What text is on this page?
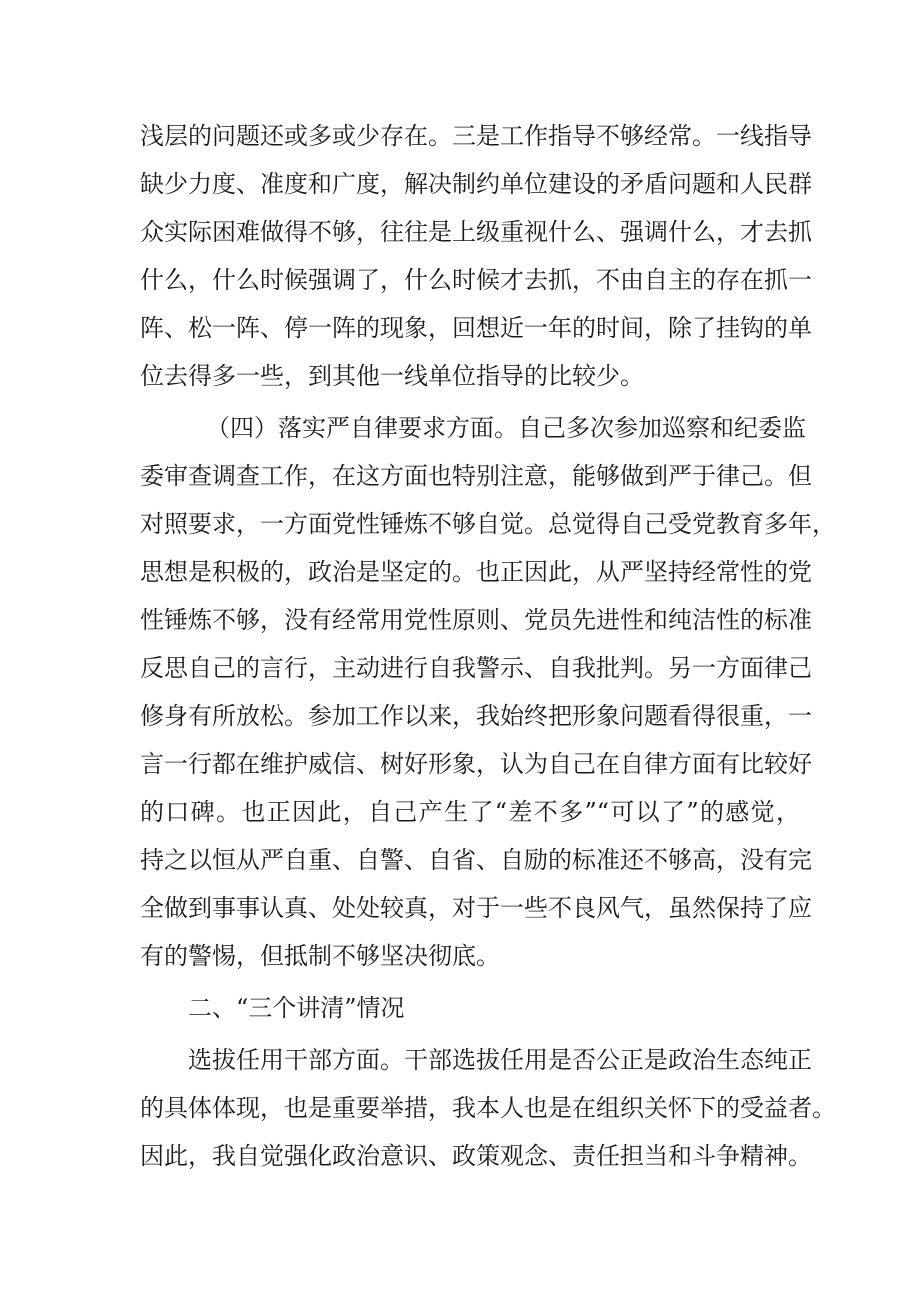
浅层的问题还或多或少存在。三是工作指导不够经常。一线指导

缺少力度、准度和广度，解决制约单位建设的矛盾问题和人民群

众实际困难做得不够，往往是上级重视什么、强调什么，才去抓

什么，什么时候强调了，什么时候才去抓，不由自主的存在抓一

阵、松一阵、停一阵的现象，回想近一年的时间，除了挂钩的单

位去得多一些，到其他一线单位指导的比较少。

（四）落实严自律要求方面。自己多次参加巡察和纪委监

委审查调查工作，在这方面也特别注意，能够做到严于律己。但

对照要求，一方面党性锤炼不够自觉。总觉得自己受党教育多年，

思想是积极的，政治是坚定的。也正因此，从严坚持经常性的党

性锤炼不够，没有经常用党性原则、党员先进性和纯洁性的标准

反思自己的言行，主动进行自我警示、自我批判。另一方面律己

修身有所放松。参加工作以来，我始终把形象问题看得很重，一

言一行都在维护威信、树好形象，认为自己在自律方面有比较好

的口碑。也正因此，自己产生了“差不多”“可以了”的感觉，

持之以恒从严自重、自警、自省、自励的标准还不够高，没有完

全做到事事认真、处处较真，对于一些不良风气，虽然保持了应

有的警惕，但抵制不够坚决彻底。

二、“三个讲清”情况

选拔任用干部方面。干部选拔任用是否公正是政治生态纯正

的具体体现，也是重要举措，我本人也是在组织关怀下的受益者。

因此，我自觉强化政治意识、政策观念、责任担当和斗争精神。
